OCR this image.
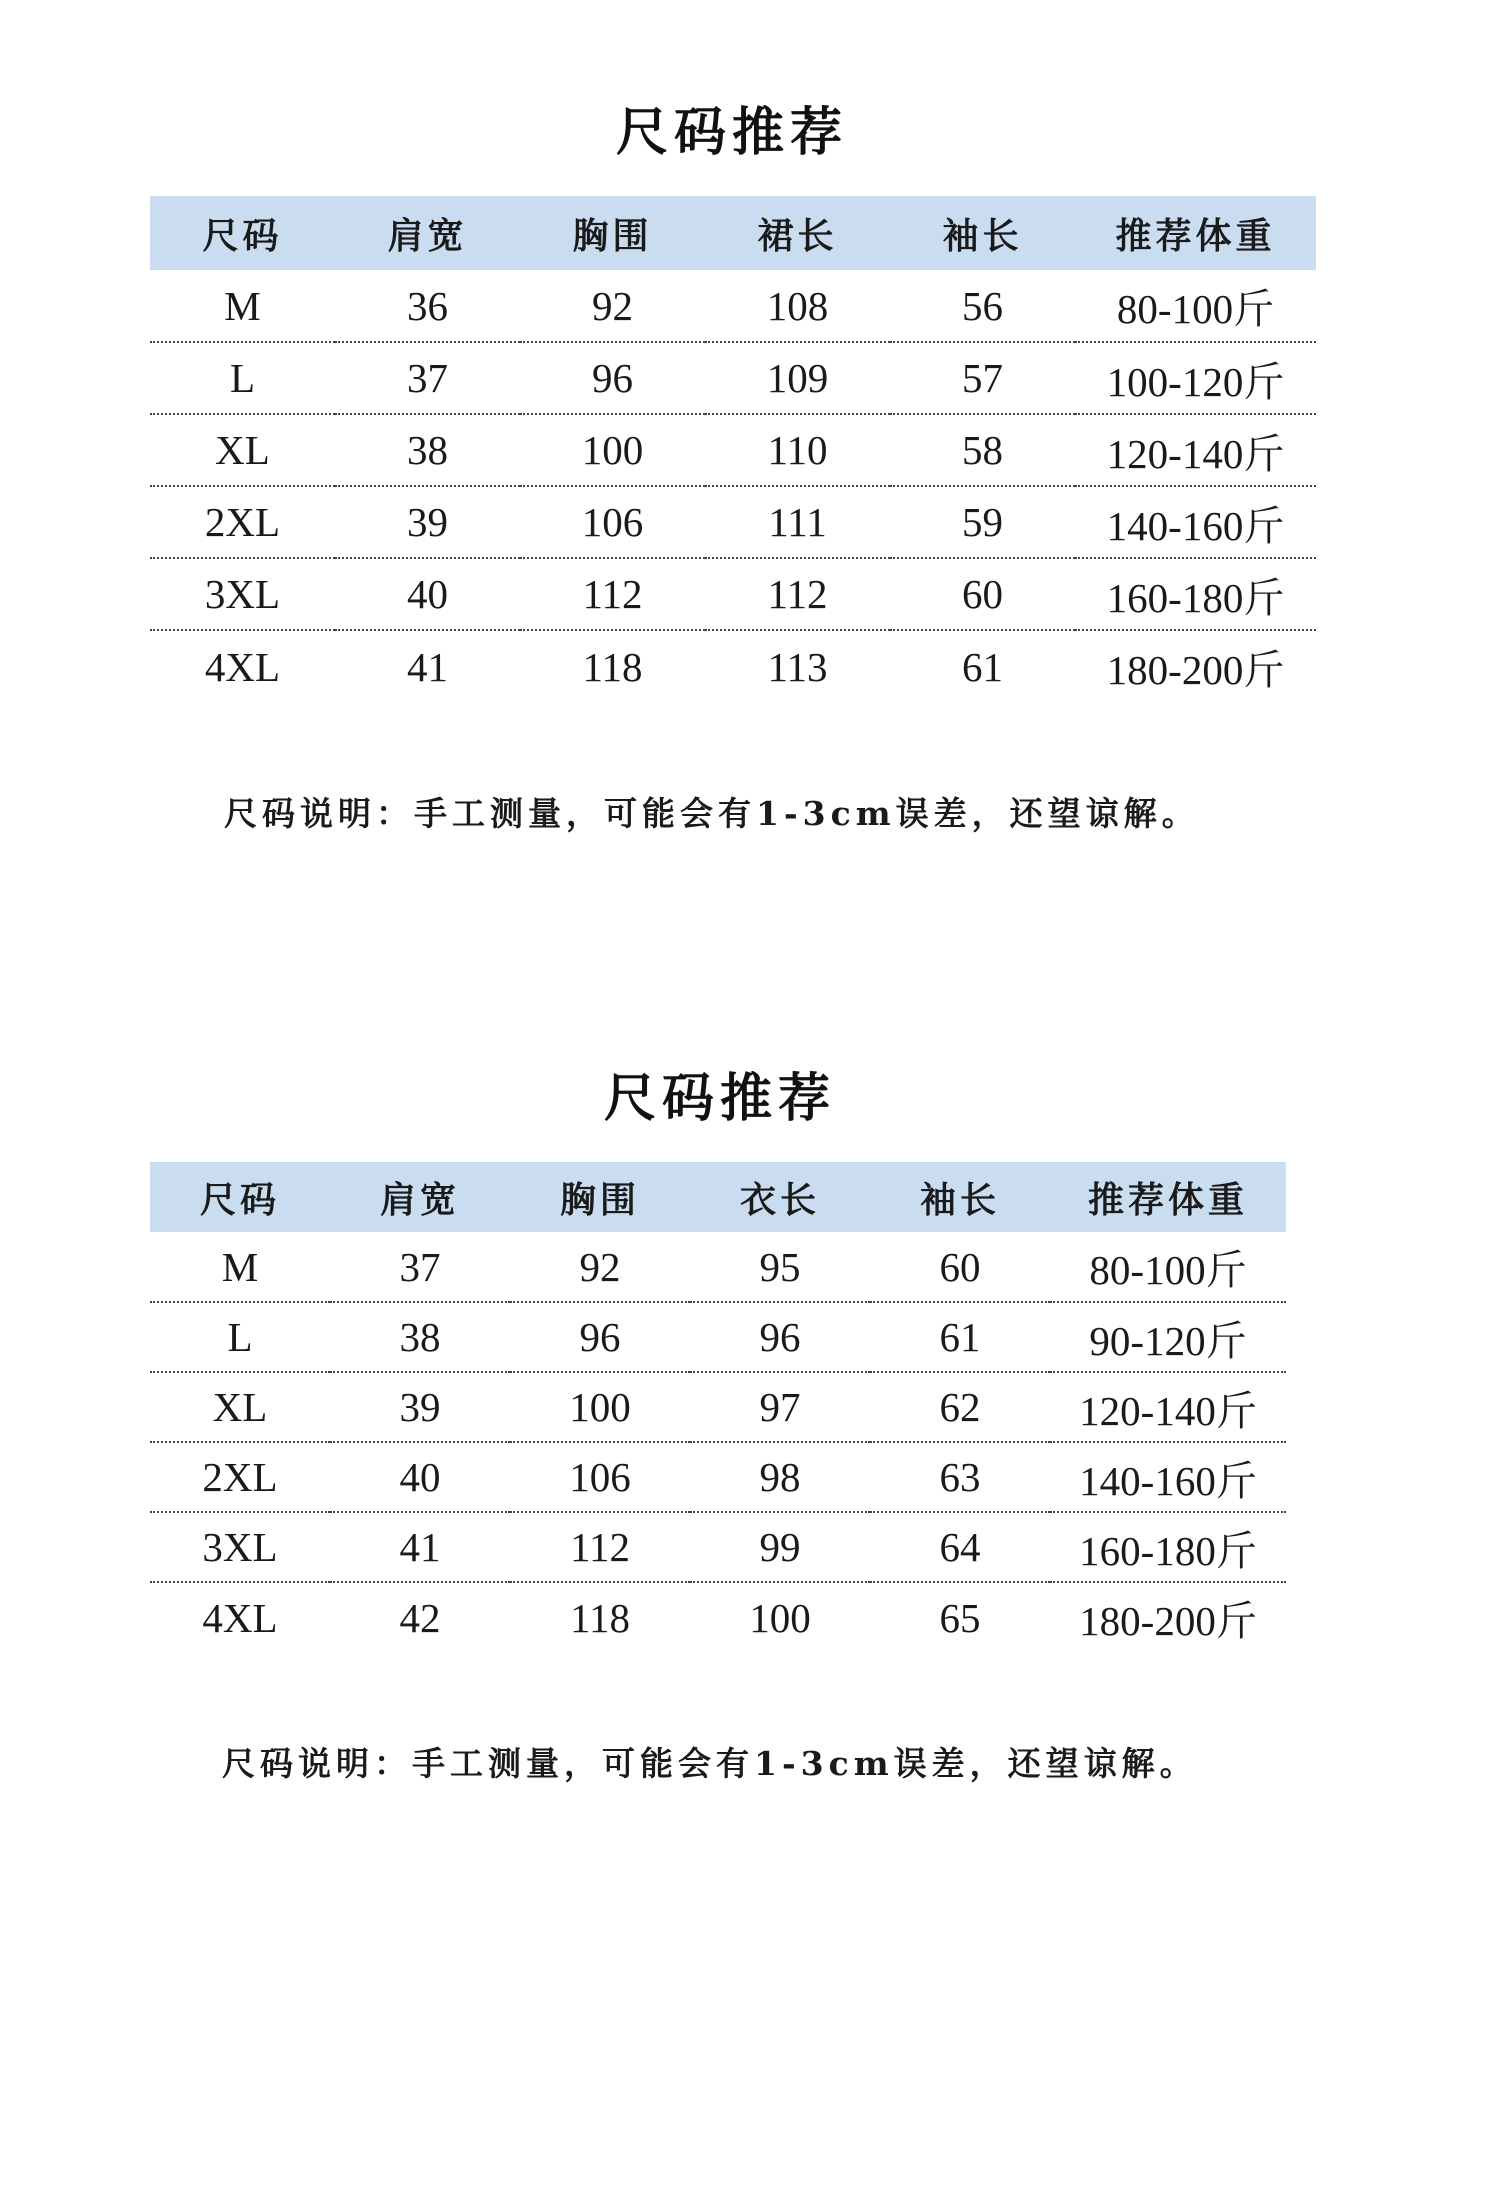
尺码推荐
尺码	肩宽	胸围	裙长	袖长	推荐体重
M	36	92	108	56	80-100斤
L	37	96	109	57	100-120斤
XL	38	100	110	58	120-140斤
2XL	39	106	111	59	140-160斤
3XL	40	112	112	60	160-180斤
4XL	41	118	113	61	180-200斤
尺码说明：手工测量，可能会有1-3cm误差，还望谅解。
尺码推荐
尺码	肩宽	胸围	衣长	袖长	推荐体重
M	37	92	95	60	80-100斤
L	38	96	96	61	90-120斤
XL	39	100	97	62	120-140斤
2XL	40	106	98	63	140-160斤
3XL	41	112	99	64	160-180斤
4XL	42	118	100	65	180-200斤
尺码说明：手工测量，可能会有1-3cm误差，还望谅解。
